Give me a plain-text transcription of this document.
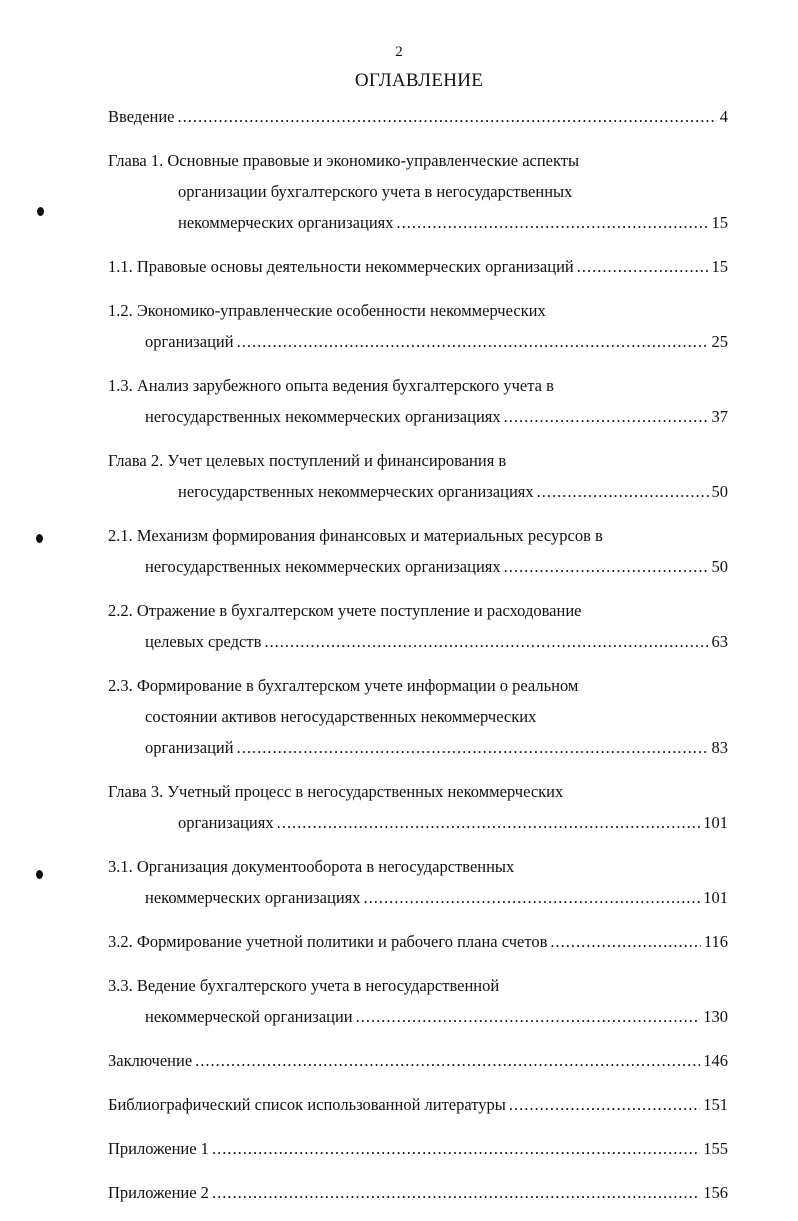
2
ОГЛАВЛЕНИЕ
Введение .....	4
Глава 1. Основные правовые и экономико-управленческие аспекты
организации бухгалтерского учета в негосударственных
некоммерческих организациях .....	15
1.1. Правовые основы деятельности некоммерческих организаций .....	15
1.2. Экономико-управленческие особенности некоммерческих
организаций .....	25
1.3. Анализ зарубежного опыта ведения бухгалтерского учета в
негосударственных некоммерческих организациях .....	37
Глава 2. Учет целевых поступлений и финансирования в
негосударственных некоммерческих организациях .....	50
2.1. Механизм формирования финансовых и материальных ресурсов в
негосударственных некоммерческих организациях .....	50
2.2. Отражение в бухгалтерском учете поступление и расходование
целевых средств .....	63
2.3. Формирование в бухгалтерском учете информации о реальном
состоянии активов негосударственных некоммерческих
организаций .....	83
Глава 3. Учетный процесс в негосударственных некоммерческих
организациях .....	101
3.1. Организация документооборота в негосударственных
некоммерческих организациях .....	101
3.2. Формирование учетной политики и рабочего плана счетов .....	116
3.3. Ведение бухгалтерского учета в негосударственной
некоммерческой организации .....	130
Заключение .....	146
Библиографический список использованной литературы .....	151
Приложение 1 .....	155
Приложение 2 .....	156
